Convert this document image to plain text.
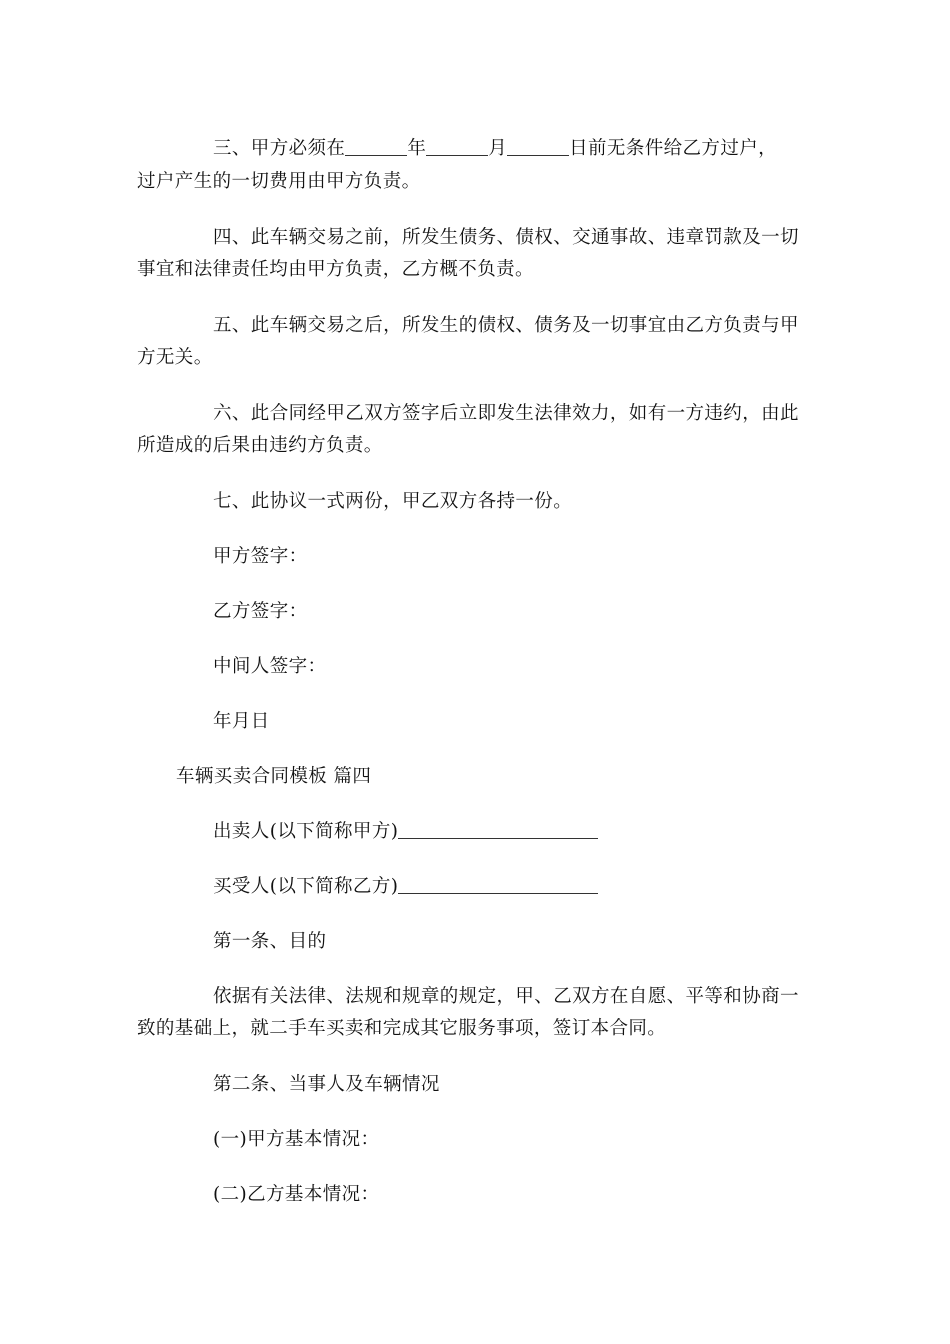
三、甲方必须在	年	月	日前无条件给乙方过户，
过户产生的一切费用由甲方负责。
四、此车辆交易之前，所发生债务、债权、交通事故、违章罚款及一切
事宜和法律责任均由甲方负责，乙方概不负责。
五、此车辆交易之后，所发生的债权、债务及一切事宜由乙方负责与甲
方无关。
六、此合同经甲乙双方签字后立即发生法律效力，如有一方违约，由此
所造成的后果由违约方负责。
七、此协议一式两份，甲乙双方各持一份。
甲方签字：
乙方签字：
中间人签字：
年月日
车辆买卖合同模板 篇四
出卖人(以下简称甲方)
买受人(以下简称乙方)
第一条、目的
依据有关法律、法规和规章的规定，甲、乙双方在自愿、平等和协商一
致的基础上，就二手车买卖和完成其它服务事项，签订本合同。
第二条、当事人及车辆情况
(一)甲方基本情况：
(二)乙方基本情况：
